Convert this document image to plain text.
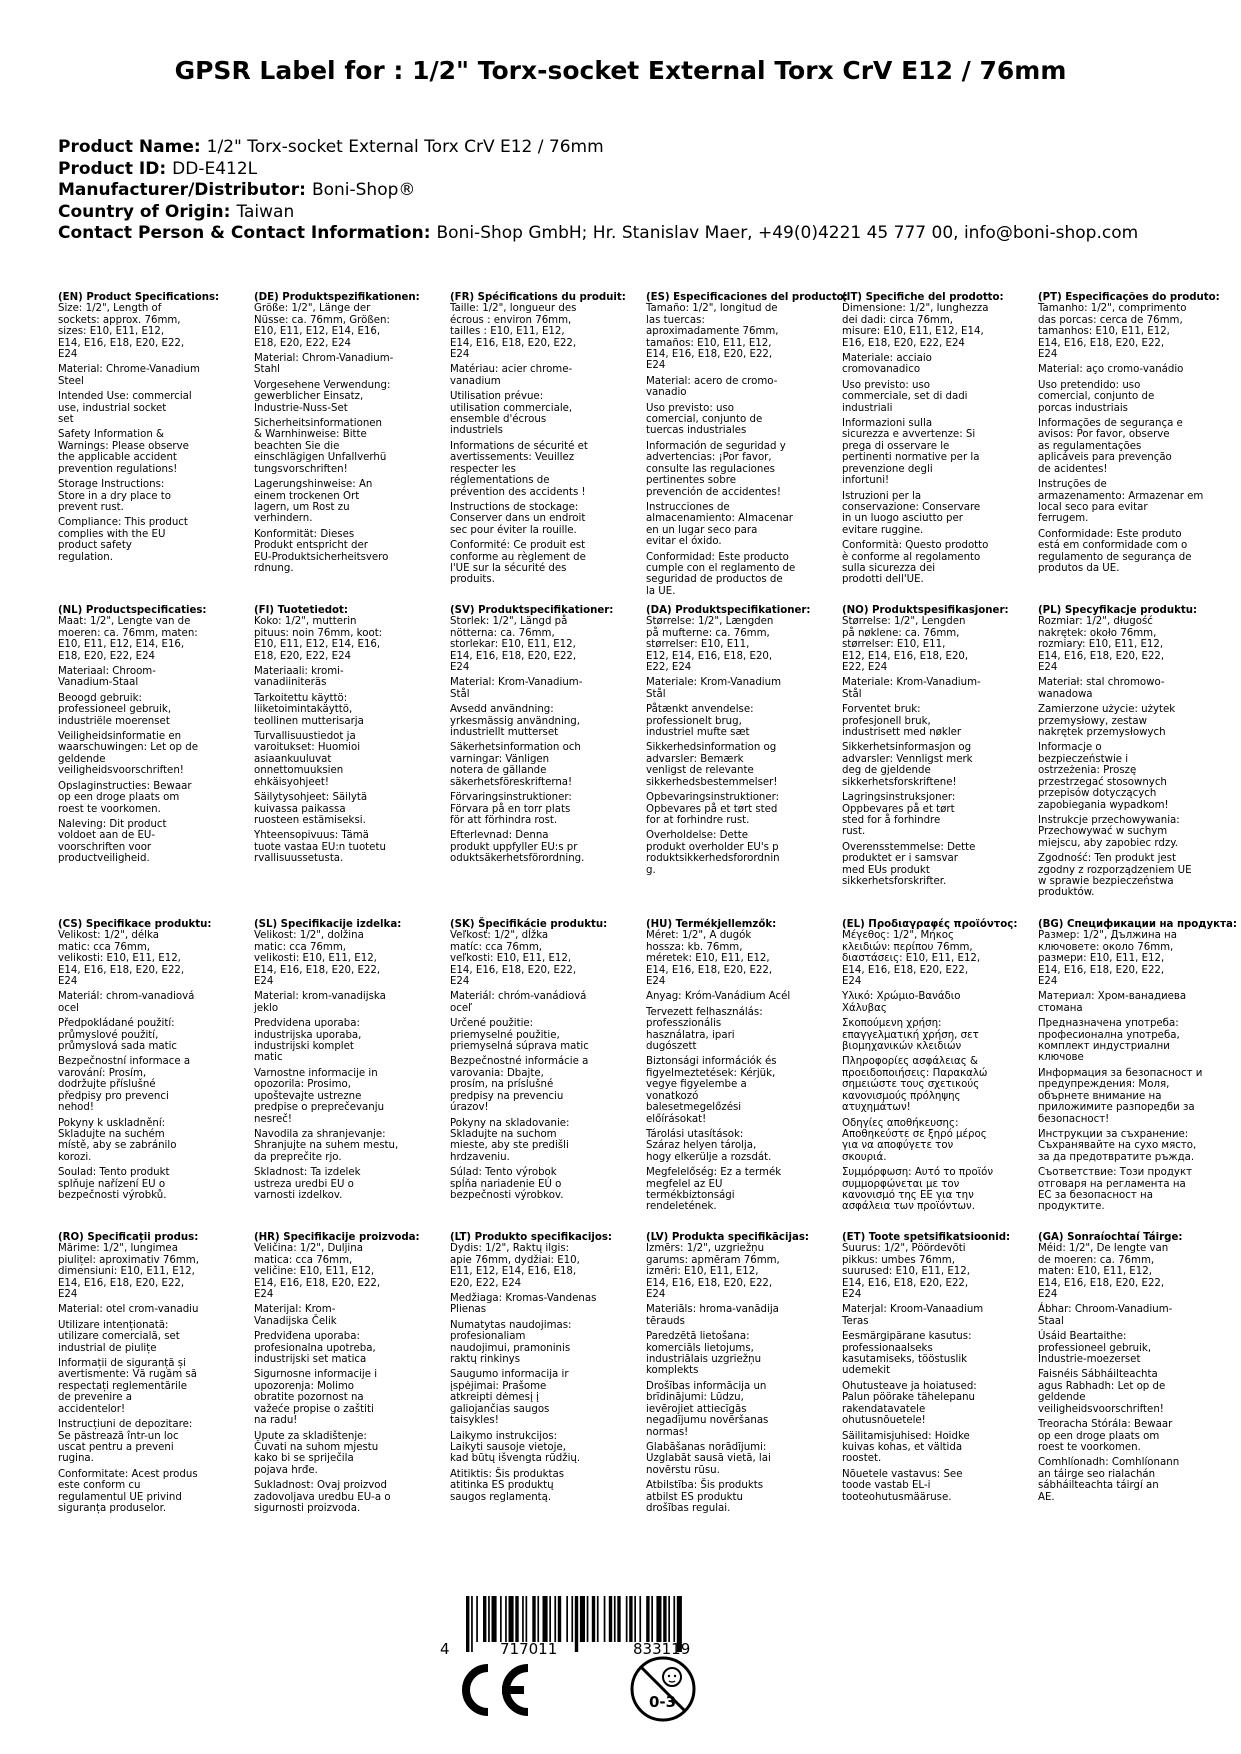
GPSR Label for : 1/2" Torx-socket External Torx CrV E12 / 76mm
Product Name: 1/2" Torx-socket External Torx CrV E12 / 76mm
Product ID: DD-E412L
Manufacturer/Distributor: Boni-Shop®
Country of Origin: Taiwan
Contact Person & Contact Information: Boni-Shop GmbH; Hr. Stanislav Maer, +49(0)4221 45 777 00, info@boni-shop.com
(EN) Product Specifications:
Size: 1/2", Length of
sockets: approx. 76mm,
sizes: E10, E11, E12,
E14, E16, E18, E20, E22,
E24
Material: Chrome-Vanadium
Steel
Intended Use: commercial
use, industrial socket
set
Safety Information &
Warnings: Please observe
the applicable accident
prevention regulations!
Storage Instructions:
Store in a dry place to
prevent rust.
Compliance: This product
complies with the EU
product safety
regulation.
(DE) Produktspezifikationen:
Größe: 1/2", Länge der
Nüsse: ca. 76mm, Größen:
E10, E11, E12, E14, E16,
E18, E20, E22, E24
Material: Chrom-Vanadium-
Stahl
Vorgesehene Verwendung:
gewerblicher Einsatz,
Industrie-Nuss-Set
Sicherheitsinformationen
& Warnhinweise: Bitte
beachten Sie die
einschlägigen Unfallverhü
tungsvorschriften!
Lagerungshinweise: An
einem trockenen Ort
lagern, um Rost zu
verhindern.
Konformität: Dieses
Produkt entspricht der
EU-Produktsicherheitsvero
rdnung.
(FR) Spécifications du produit:
Taille: 1/2", longueur des
écrous : environ 76mm,
tailles : E10, E11, E12,
E14, E16, E18, E20, E22,
E24
Matériau: acier chrome-
vanadium
Utilisation prévue:
utilisation commerciale,
ensemble d'écrous
industriels
Informations de sécurité et
avertissements: Veuillez
respecter les
réglementations de
prévention des accidents !
Instructions de stockage:
Conserver dans un endroit
sec pour éviter la rouille.
Conformité: Ce produit est
conforme au règlement de
l'UE sur la sécurité des
produits.
(ES) Especificaciones del producto:
Tamaño: 1/2", longitud de
las tuercas:
aproximadamente 76mm,
tamaños: E10, E11, E12,
E14, E16, E18, E20, E22,
E24
Material: acero de cromo-
vanadio
Uso previsto: uso
comercial, conjunto de
tuercas industriales
Información de seguridad y
advertencias: ¡Por favor,
consulte las regulaciones
pertinentes sobre
prevención de accidentes!
Instrucciones de
almacenamiento: Almacenar
en un lugar seco para
evitar el óxido.
Conformidad: Este producto
cumple con el reglamento de
seguridad de productos de
la UE.
(IT) Specifiche del prodotto:
Dimensione: 1/2", lunghezza
dei dadi: circa 76mm,
misure: E10, E11, E12, E14,
E16, E18, E20, E22, E24
Materiale: acciaio
cromovanadico
Uso previsto: uso
commerciale, set di dadi
industriali
Informazioni sulla
sicurezza e avvertenze: Si
prega di osservare le
pertinenti normative per la
prevenzione degli
infortuni!
Istruzioni per la
conservazione: Conservare
in un luogo asciutto per
evitare ruggine.
Conformità: Questo prodotto
è conforme al regolamento
sulla sicurezza dei
prodotti dell'UE.
(PT) Especificações do produto:
Tamanho: 1/2", comprimento
das porcas: cerca de 76mm,
tamanhos: E10, E11, E12,
E14, E16, E18, E20, E22,
E24
Material: aço cromo-vanádio
Uso pretendido: uso
comercial, conjunto de
porcas industriais
Informações de segurança e
avisos: Por favor, observe
as regulamentações
aplicáveis para prevenção
de acidentes!
Instruções de
armazenamento: Armazenar em
local seco para evitar
ferrugem.
Conformidade: Este produto
está em conformidade com o
regulamento de segurança de
produtos da UE.
(NL) Productspecificaties:
Maat: 1/2", Lengte van de
moeren: ca. 76mm, maten:
E10, E11, E12, E14, E16,
E18, E20, E22, E24
Materiaal: Chroom-
Vanadium-Staal
Beoogd gebruik:
professioneel gebruik,
industriële moerenset
Veiligheidsinformatie en
waarschuwingen: Let op de
geldende
veiligheidsvoorschriften!
Opslaginstructies: Bewaar
op een droge plaats om
roest te voorkomen.
Naleving: Dit product
voldoet aan de EU-
voorschriften voor
productveiligheid.
(FI) Tuotetiedot:
Koko: 1/2", mutterin
pituus: noin 76mm, koot:
E10, E11, E12, E14, E16,
E18, E20, E22, E24
Materiaali: kromi-
vanadiiniteräs
Tarkoitettu käyttö:
liiketoimintakäyttö,
teollinen mutterisarja
Turvallisuustiedot ja
varoitukset: Huomioi
asiaankuuluvat
onnettomuuksien
ehkäisyohjeet!
Säilytysohjeet: Säilytä
kuivassa paikassa
ruosteen estämiseksi.
Yhteensopivuus: Tämä
tuote vastaa EU:n tuotetu
rvallisuussetusta.
(SV) Produktspecifikationer:
Storlek: 1/2", Längd på
nötterna: ca. 76mm,
storlekar: E10, E11, E12,
E14, E16, E18, E20, E22,
E24
Material: Krom-Vanadium-
Stål
Avsedd användning:
yrkesmässig användning,
industriellt mutterset
Säkerhetsinformation och
varningar: Vänligen
notera de gällande
säkerhetsföreskrifterna!
Förvaringsinstruktioner:
Förvara på en torr plats
för att förhindra rost.
Efterlevnad: Denna
produkt uppfyller EU:s pr
oduktsäkerhetsförordning.
(DA) Produktspecifikationer:
Størrelse: 1/2", Længden
på mufterne: ca. 76mm,
størrelser: E10, E11,
E12, E14, E16, E18, E20,
E22, E24
Materiale: Krom-Vanadium
Stål
Påtænkt anvendelse:
professionelt brug,
industriel mufte sæt
Sikkerhedsinformation og
advarsler: Bemærk
venligst de relevante
sikkerhedsbestemmelser!
Opbevaringsinstruktioner:
Opbevares på et tørt sted
for at forhindre rust.
Overholdelse: Dette
produkt overholder EU's p
roduktsikkerhedsforordnin
g.
(NO) Produktspesifikasjoner:
Størrelse: 1/2", Lengden
på nøklene: ca. 76mm,
størrelser: E10, E11,
E12, E14, E16, E18, E20,
E22, E24
Materiale: Krom-Vanadium-
Stål
Forventet bruk:
profesjonell bruk,
industrisett med nøkler
Sikkerhetsinformasjon og
advarsler: Vennligst merk
deg de gjeldende
sikkerhetsforskriftene!
Lagringsinstruksjoner:
Oppbevares på et tørt
sted for å forhindre
rust.
Overensstemmelse: Dette
produktet er i samsvar
med EUs produkt
sikkerhetsforskrifter.
(PL) Specyfikacje produktu:
Rozmiar: 1/2", długość
nakrętek: około 76mm,
rozmiary: E10, E11, E12,
E14, E16, E18, E20, E22,
E24
Materiał: stal chromowo-
wanadowa
Zamierzone użycie: użytek
przemysłowy, zestaw
nakrętek przemysłowych
Informacje o
bezpieczeństwie i
ostrzeżenia: Proszę
przestrzegać stosownych
przepisów dotyczących
zapobiegania wypadkom!
Instrukcje przechowywania:
Przechowywać w suchym
miejscu, aby zapobiec rdzy.
Zgodność: Ten produkt jest
zgodny z rozporządzeniem UE
w sprawie bezpieczeństwa
produktów.
(CS) Specifikace produktu:
Velikost: 1/2", délka
matic: cca 76mm,
velikosti: E10, E11, E12,
E14, E16, E18, E20, E22,
E24
Materiál: chrom-vanadiová
ocel
Předpokládané použití:
průmyslové použití,
průmyslová sada matic
Bezpečnostní informace a
varování: Prosím,
dodržujte příslušné
předpisy pro prevenci
nehod!
Pokyny k uskladnění:
Skladujte na suchém
místě, aby se zabránilo
korozi.
Soulad: Tento produkt
splňuje nařízení EU o
bezpečnosti výrobků.
(SL) Specifikacije izdelka:
Velikost: 1/2", dolžina
matic: cca 76mm,
velikosti: E10, E11, E12,
E14, E16, E18, E20, E22,
E24
Material: krom-vanadijska
jeklo
Predvidena uporaba:
industrijska uporaba,
industrijski komplet
matic
Varnostne informacije in
opozorila: Prosimo,
upoštevajte ustrezne
predpise o preprečevanju
nesreč!
Navodila za shranjevanje:
Shranjujte na suhem mestu,
da preprečite rjo.
Skladnost: Ta izdelek
ustreza uredbi EU o
varnosti izdelkov.
(SK) Špecifikácie produktu:
Veľkosť: 1/2", dĺžka
matíc: cca 76mm,
veľkosti: E10, E11, E12,
E14, E16, E18, E20, E22,
E24
Materiál: chróm-vanádiová
oceľ
Určené použitie:
priemyselné použitie,
priemyselná súprava matic
Bezpečnostné informácie a
varovania: Dbajte,
prosím, na príslušné
predpisy na prevenciu
úrazov!
Pokyny na skladovanie:
Skladujte na suchom
mieste, aby ste predišli
hrdzaveniu.
Súlad: Tento výrobok
spĺňa nariadenie EÚ o
bezpečnosti výrobkov.
(HU) Termékjellemzők:
Méret: 1/2", A dugók
hossza: kb. 76mm,
méretek: E10, E11, E12,
E14, E16, E18, E20, E22,
E24
Anyag: Króm-Vanádium Acél
Tervezett felhasználás:
professzionális
használatra, ipari
dugószett
Biztonsági információk és
figyelmeztetések: Kérjük,
vegye figyelembe a
vonatkozó
balesetmegelőzési
előírásokat!
Tárolási utasítások:
Száraz helyen tárolja,
hogy elkerülje a rozsdát.
Megfelelőség: Ez a termék
megfelel az EU
termékbiztonsági
rendeletének.
(EL) Προδιαγραφές προϊόντος:
Μέγεθος: 1/2", Μήκος
κλειδιών: περίπου 76mm,
διαστάσεις: E10, E11, E12,
E14, E16, E18, E20, E22,
E24
Υλικό: Χρώμιο-Βανάδιο
Χάλυβας
Σκοπούμενη χρήση:
επαγγελματική χρήση, σετ
βιομηχανικών κλειδιών
Πληροφορίες ασφάλειας &
προειδοποιήσεις: Παρακαλώ
σημειώστε τους σχετικούς
κανονισμούς πρόληψης
ατυχημάτων!
Οδηγίες αποθήκευσης:
Αποθηκεύστε σε ξηρό μέρος
για να αποφύγετε τον
σκουριά.
Συμμόρφωση: Αυτό το προϊόν
συμμορφώνεται με τον
κανονισμό της ΕΕ για την
ασφάλεια των προϊόντων.
(BG) Спецификации на продукта:
Размер: 1/2", Дължина на
ключовете: около 76mm,
размери: E10, E11, E12,
E14, E16, E18, E20, E22,
E24
Материал: Хром-ванадиева
стомана
Предназначена употреба:
професионална употреба,
комплект индустриални
ключове
Информация за безопасност и
предупреждения: Моля,
обърнете внимание на
приложимите разпоредби за
безопасност!
Инструкции за съхранение:
Съхранявайте на сухо място,
за да предотвратите ръжда.
Съответствие: Този продукт
отговаря на регламента на
ЕС за безопасност на
продуктите.
(RO) Specificații produs:
Mărime: 1/2", lungimea
piulițel: aproximativ 76mm,
dimensiuni: E10, E11, E12,
E14, E16, E18, E20, E22,
E24
Material: otel crom-vanadiu
Utilizare intenționată:
utilizare comercială, set
industrial de piulițe
Informații de siguranță și
avertismente: Vă rugăm să
respectați reglementările
de prevenire a
accidentelor!
Instrucțiuni de depozitare:
Se păstrează într-un loc
uscat pentru a preveni
rugina.
Conformitate: Acest produs
este conform cu
regulamentul UE privind
siguranța produselor.
(HR) Specifikacije proizvoda:
Veličina: 1/2", Duljina
matica: cca 76mm,
veličine: E10, E11, E12,
E14, E16, E18, E20, E22,
E24
Materijal: Krom-
Vanadijska Čelik
Predviđena uporaba:
profesionalna upotreba,
industrijski set matica
Sigurnosne informacije i
upozorenja: Molimo
obratite pozornost na
važeće propise o zaštiti
na radu!
Upute za skladištenje:
Čuvati na suhom mjestu
kako bi se spriječila
pojava hrđe.
Sukladnost: Ovaj proizvod
zadovoljava uredbu EU-a o
sigurnosti proizvoda.
(LT) Produkto specifikacijos:
Dydis: 1/2", Raktų ilgis:
apie 76mm, dydžiai: E10,
E11, E12, E14, E16, E18,
E20, E22, E24
Medžiaga: Kromas-Vandenas
Plienas
Numatytas naudojimas:
profesionaliam
naudojimui, pramoninis
raktų rinkinys
Saugumo informacija ir
įspėjimai: Prašome
atkreipti dėmesį į
galiojančias saugos
taisykles!
Laikymo instrukcijos:
Laikyti sausoje vietoje,
kad būtų išvengta rūdžių.
Atitiktis: Šis produktas
atitinka ES produktų
saugos reglamentą.
(LV) Produkta specifikācijas:
Izmērs: 1/2", uzgriežņu
garums: apmēram 76mm,
izmēri: E10, E11, E12,
E14, E16, E18, E20, E22,
E24
Materiāls: hroma-vanādija
tērauds
Paredzētā lietošana:
komerciāls lietojums,
industriālais uzgriežņu
komplekts
Drošības informācija un
brīdinājumi: Lūdzu,
ievērojiet attiecīgās
negadījumu novēršanas
normas!
Glabāšanas norādījumi:
Uzglabāt sausā vietā, lai
novērstu rūsu.
Atbilstība: Šis produkts
atbilst ES produktu
drošības regulai.
(ET) Toote spetsifikatsioonid:
Suurus: 1/2", Pöördevõti
pikkus: umbes 76mm,
suurused: E10, E11, E12,
E14, E16, E18, E20, E22,
E24
Materjal: Kroom-Vanaadium
Teras
Eesmärgipärane kasutus:
professionaalseks
kasutamiseks, tööstuslik
udemekit
Ohutusteave ja hoiatused:
Palun pöörake tähelepanu
rakendatavatele
ohutusnõuetele!
Säilitamisjuhised: Hoidke
kuivas kohas, et vältida
roostet.
Nõuetele vastavus: See
toode vastab EL-i
tooteohutusmääruse.
(GA) Sonraíochtaí Táirge:
Méid: 1/2", De lengte van
de moeren: ca. 76mm,
maten: E10, E11, E12,
E14, E16, E18, E20, E22,
E24
Ábhar: Chroom-Vanadium-
Staal
Úsáid Beartaithe:
professioneel gebruik,
Industrie-moezerset
Faisnéis Sábháilteachta
agus Rabhadh: Let op de
geldende
veiligheidsvoorschriften!
Treoracha Stórála: Bewaar
op een droge plaats om
roest te voorkomen.
Comhlíonadh: Comhlíonann
an táirge seo rialachán
sábháilteachta táirgí an
AE.
4	717011	833119
0-3
